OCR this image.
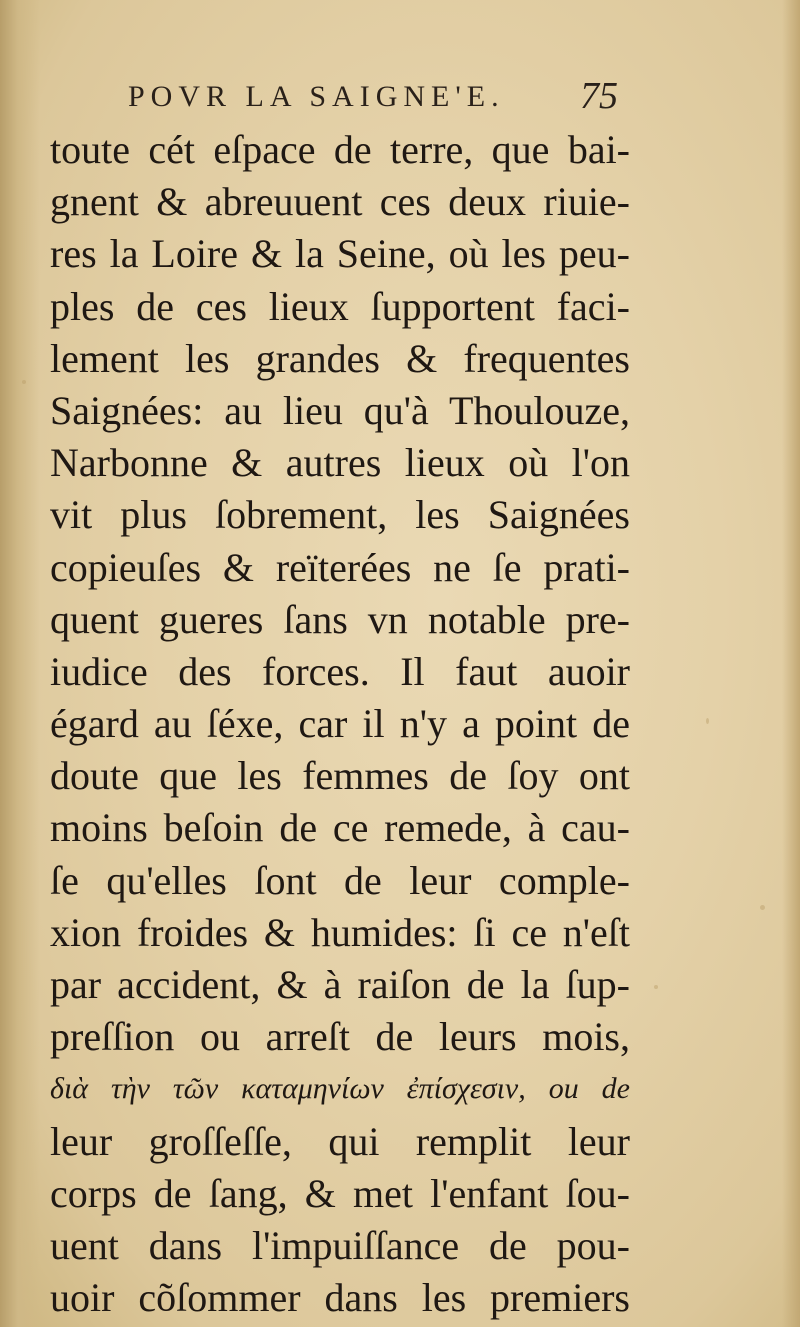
POVR LA SAIGNE'E. 75
toute cét eſpace de terre, que bai-
gnent & abreuuent ces deux riuie-
res la Loire & la Seine, où les peu-
ples de ces lieux ſupportent faci-
lement les grandes & frequentes
Saignées: au lieu qu'à Thoulouze,
Narbonne & autres lieux où l'on
vit plus ſobrement, les Saignées
copieuſes & reïterées ne ſe prati-
quent gueres ſans vn notable pre-
iudice des forces. Il faut auoir
égard au ſéxe, car il n'y a point de
doute que les femmes de ſoy ont
moins beſoin de ce remede, à cau-
ſe qu'elles ſont de leur comple-
xion froides & humides: ſi ce n'eſt
par accident, & à raiſon de la ſup-
preſſion ou arreſt de leurs mois,
διὰ τὴν τῶν καταμηνίων ἐπίσχεσιν, ou de
leur groſſeſſe, qui remplit leur
corps de ſang, & met l'enfant ſou-
uent dans l'impuiſſance de pou-
uoir cõſommer dans les premiers
